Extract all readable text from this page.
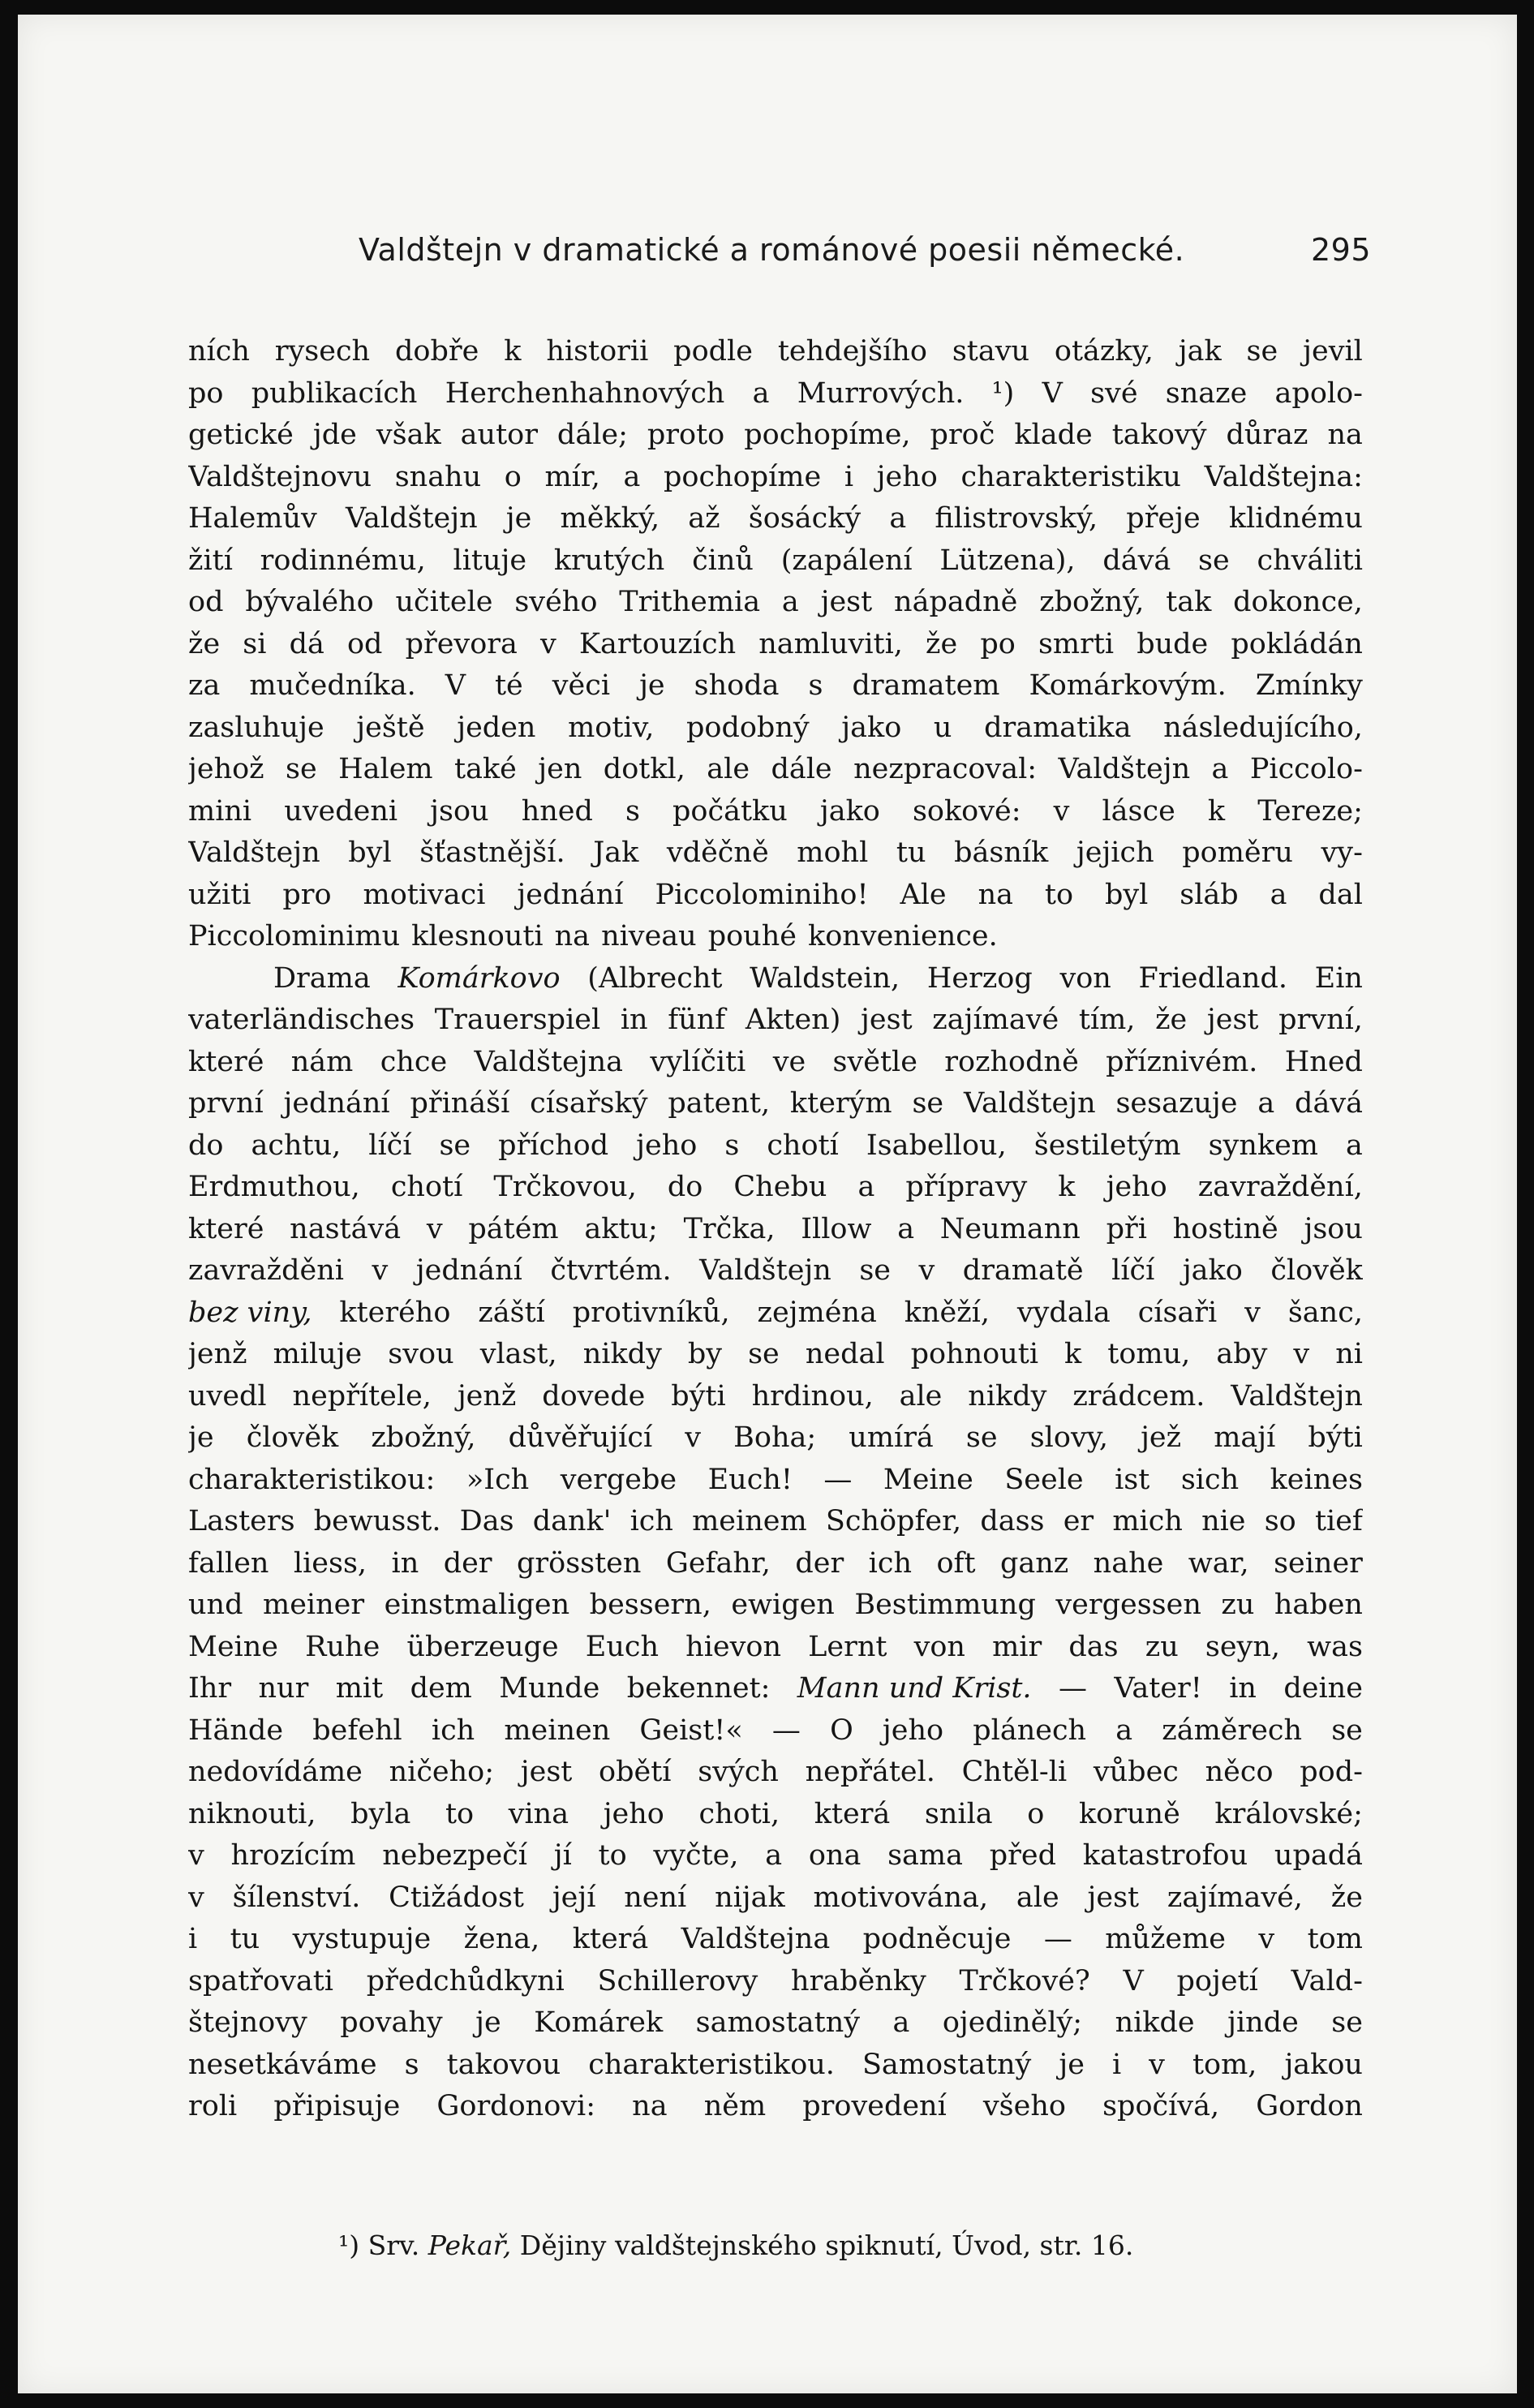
Valdštejn v dramatické a románové poesii německé.	295
ních rysech dobře k historii podle tehdejšího stavu otázky, jak se jevil
po publikacích Herchenhahnových a Murrových. ¹) V své snaze apolo-
getické jde však autor dále; proto pochopíme, proč klade takový důraz na
Valdštejnovu snahu o mír, a pochopíme i jeho charakteristiku Valdštejna:
Halemův Valdštejn je měkký, až šosácký a filistrovský, přeje klidnému
žití rodinnému, lituje krutých činů (zapálení Lützena), dává se chváliti
od bývalého učitele svého Trithemia a jest nápadně zbožný, tak dokonce,
že si dá od převora v Kartouzích namluviti, že po smrti bude pokládán
za mučedníka. V té věci je shoda s dramatem Komárkovým. Zmínky
zasluhuje ještě jeden motiv, podobný jako u dramatika následujícího,
jehož se Halem také jen dotkl, ale dále nezpracoval: Valdštejn a Piccolo-
mini uvedeni jsou hned s počátku jako sokové: v lásce k Tereze;
Valdštejn byl šťastnější. Jak vděčně mohl tu básník jejich poměru vy-
užiti pro motivaci jednání Piccolominiho! Ale na to byl sláb a dal
Piccolominimu klesnouti na niveau pouhé konvenience.
Drama Komárkovo (Albrecht Waldstein, Herzog von Friedland. Ein
vaterländisches Trauerspiel in fünf Akten) jest zajímavé tím, že jest první,
které nám chce Valdštejna vylíčiti ve světle rozhodně příznivém. Hned
první jednání přináší císařský patent, kterým se Valdštejn sesazuje a dává
do achtu, líčí se příchod jeho s chotí Isabellou, šestiletým synkem a
Erdmuthou, chotí Trčkovou, do Chebu a přípravy k jeho zavraždění,
které nastává v pátém aktu; Trčka, Illow a Neumann při hostině jsou
zavražděni v jednání čtvrtém. Valdštejn se v dramatě líčí jako člověk
bez viny, kterého záští protivníků, zejména kněží, vydala císaři v šanc,
jenž miluje svou vlast, nikdy by se nedal pohnouti k tomu, aby v ni
uvedl nepřítele, jenž dovede býti hrdinou, ale nikdy zrádcem. Valdštejn
je člověk zbožný, důvěřující v Boha; umírá se slovy, jež mají býti
charakteristikou: »Ich vergebe Euch! — Meine Seele ist sich keines
Lasters bewusst. Das dank' ich meinem Schöpfer, dass er mich nie so tief
fallen liess, in der grössten Gefahr, der ich oft ganz nahe war, seiner
und meiner einstmaligen bessern, ewigen Bestimmung vergessen zu haben
Meine Ruhe überzeuge Euch hievon Lernt von mir das zu seyn, was
Ihr nur mit dem Munde bekennet: Mann und Krist. — Vater! in deine
Hände befehl ich meinen Geist!« — O jeho plánech a záměrech se
nedovídáme ničeho; jest obětí svých nepřátel. Chtěl-li vůbec něco pod-
niknouti, byla to vina jeho choti, která snila o koruně královské;
v hrozícím nebezpečí jí to vyčte, a ona sama před katastrofou upadá
v šílenství. Ctižádost její není nijak motivována, ale jest zajímavé, že
i tu vystupuje žena, která Valdštejna podněcuje — můžeme v tom
spatřovati předchůdkyni Schillerovy hraběnky Trčkové? V pojetí Vald-
štejnovy povahy je Komárek samostatný a ojedinělý; nikde jinde se
nesetkáváme s takovou charakteristikou. Samostatný je i v tom, jakou
roli připisuje Gordonovi: na něm provedení všeho spočívá, Gordon
¹) Srv. Pekař, Dějiny valdštejnského spiknutí, Úvod, str. 16.
